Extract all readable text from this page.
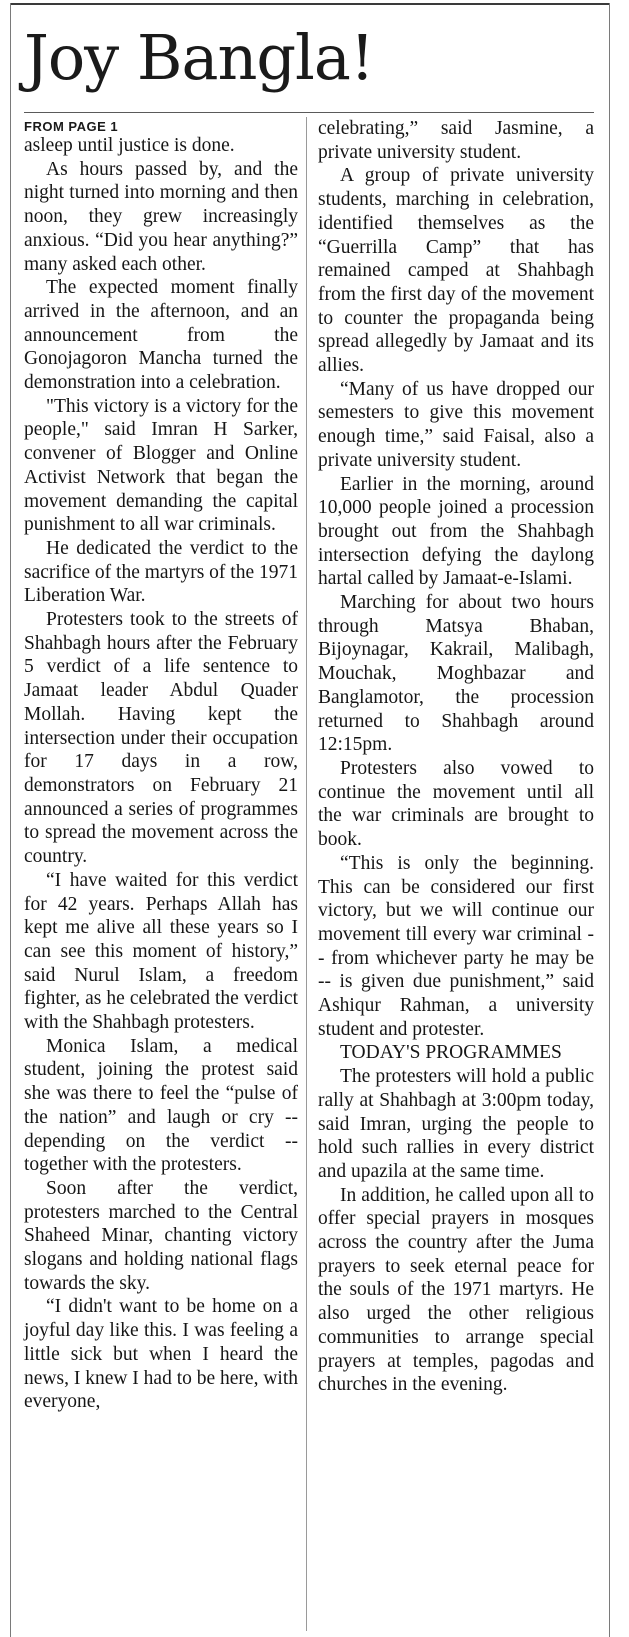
Joy Bangla!
FROM PAGE 1

asleep until justice is done.

As hours passed by, and the night turned into morning and then noon, they grew increasingly anxious. “Did you hear anything?” many asked each other.

The expected moment finally arrived in the afternoon, and an announcement from the Gonojagoron Mancha turned the demonstration into a celebration.

"This victory is a victory for the people," said Imran H Sarker, convener of Blogger and Online Activist Network that began the movement demanding the capital punishment to all war criminals.

He dedicated the verdict to the sacrifice of the martyrs of the 1971 Liberation War.

Protesters took to the streets of Shahbagh hours after the February 5 verdict of a life sentence to Jamaat leader Abdul Quader Mollah. Having kept the intersection under their occupation for 17 days in a row, demonstrators on February 21 announced a series of programmes to spread the movement across the country.

“I have waited for this verdict for 42 years. Perhaps Allah has kept me alive all these years so I can see this moment of history,” said Nurul Islam, a freedom fighter, as he celebrated the verdict with the Shahbagh protesters.

Monica Islam, a medical student, joining the protest said she was there to feel the “pulse of the nation” and laugh or cry -- depending on the verdict -- together with the protesters.

Soon after the verdict, protesters marched to the Central Shaheed Minar, chanting victory slogans and holding national flags towards the sky.

“I didn't want to be home on a joyful day like this. I was feeling a little sick but when I heard the news, I knew I had to be here, with everyone,

celebrating,” said Jasmine, a private university student.

A group of private university students, marching in celebration, identified themselves as the “Guerrilla Camp” that has remained camped at Shahbagh from the first day of the movement to counter the propaganda being spread allegedly by Jamaat and its allies.

“Many of us have dropped our semesters to give this movement enough time,” said Faisal, also a private university student.

Earlier in the morning, around 10,000 people joined a procession brought out from the Shahbagh intersection defying the daylong hartal called by Jamaat-e-Islami.

Marching for about two hours through Matsya Bhaban, Bijoynagar, Kakrail, Malibagh, Mouchak, Moghbazar and Banglamotor, the procession returned to Shahbagh around 12:15pm.

Protesters also vowed to continue the movement until all the war criminals are brought to book.

“This is only the beginning. This can be considered our first victory, but we will continue our movement till every war criminal -- from whichever party he may be -- is given due punishment,” said Ashiqur Rahman, a university student and protester.

TODAY'S PROGRAMMES

The protesters will hold a public rally at Shahbagh at 3:00pm today, said Imran, urging the people to hold such rallies in every district and upazila at the same time.

In addition, he called upon all to offer special prayers in mosques across the country after the Juma prayers to seek eternal peace for the souls of the 1971 martyrs. He also urged the other religious communities to arrange special prayers at temples, pagodas and churches in the evening.
